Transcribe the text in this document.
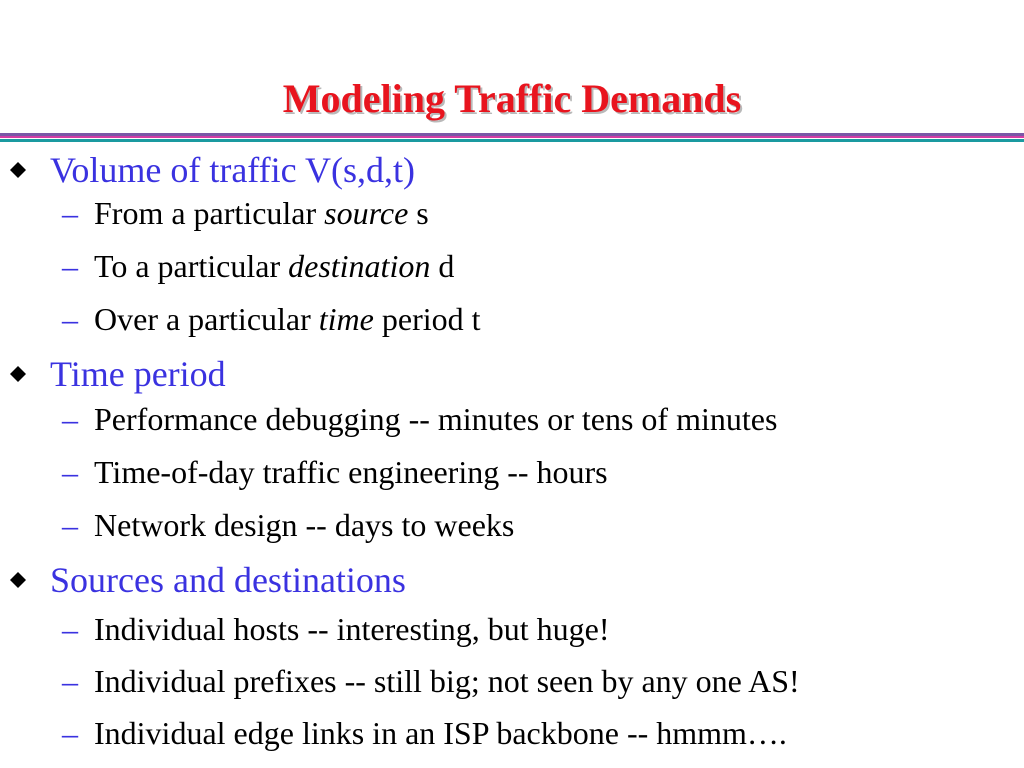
Modeling Traffic Demands
Volume of traffic V(s,d,t)
– From a particular source s
– To a particular destination d
– Over a particular time period t
Time period
– Performance debugging -- minutes or tens of minutes
– Time-of-day traffic engineering -- hours
– Network design -- days to weeks
Sources and destinations
– Individual hosts -- interesting, but huge!
– Individual prefixes -- still big; not seen by any one AS!
– Individual edge links in an ISP backbone -- hmmm….
